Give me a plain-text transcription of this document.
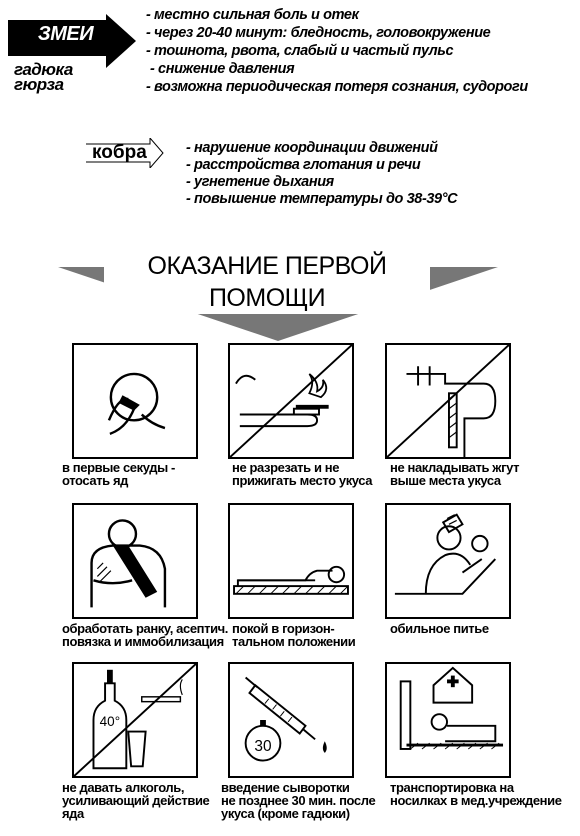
ЗМЕИ
гадюка
гюрза
- местно сильная боль и отек
- через 20-40 минут: бледность, головокружение
- тошнота, рвота, слабый и частый пульс
- снижение давления
- возможна периодическая потеря сознания, судороги
кобра	- нарушение координации движений
- расстройства глотания и речи
- угнетение дыхания
- повышение температуры до 38-39°С
ОКАЗАНИЕ ПЕРВОЙ ПОМОЩИ
в первые секуды -
отосать яд
не разрезать и не
прижигать место укуса
не накладывать жгут
выше места укуса
обработать ранку, асептич.
повязка и иммобилизация
покой в горизон-
тальном положении
обильное питье
40°
30
не давать алкоголь,
усиливающий действие
яда
введение сыворотки
не позднее 30 мин. после
укуса (кроме гадюки)
транспортировка на
носилках в мед.учреждение
